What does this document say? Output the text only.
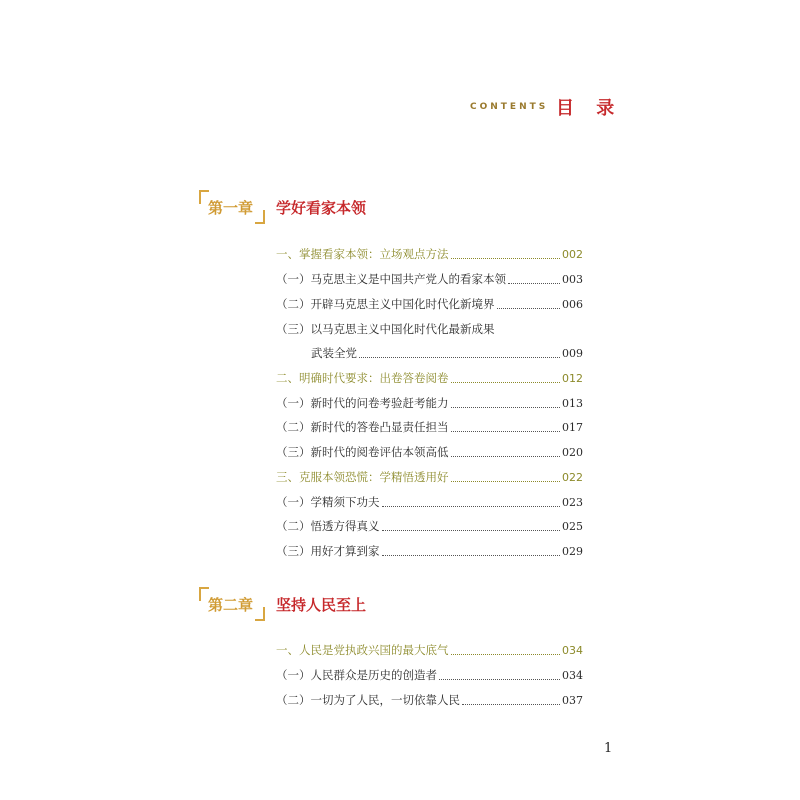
CONTENTS 目 录
第一章 学好看家本领
一、掌握看家本领：立场观点方法	002
（一）马克思主义是中国共产党人的看家本领	003
（二）开辟马克思主义中国化时代化新境界	006
（三）以马克思主义中国化时代化最新成果
武装全党	009
二、明确时代要求：出卷答卷阅卷	012
（一）新时代的问卷考验赶考能力	013
（二）新时代的答卷凸显责任担当	017
（三）新时代的阅卷评估本领高低	020
三、克服本领恐慌：学精悟透用好	022
（一）学精须下功夫	023
（二）悟透方得真义	025
（三）用好才算到家	029
第二章 坚持人民至上
一、人民是党执政兴国的最大底气	034
（一）人民群众是历史的创造者	034
（二）一切为了人民，一切依靠人民	037
1
